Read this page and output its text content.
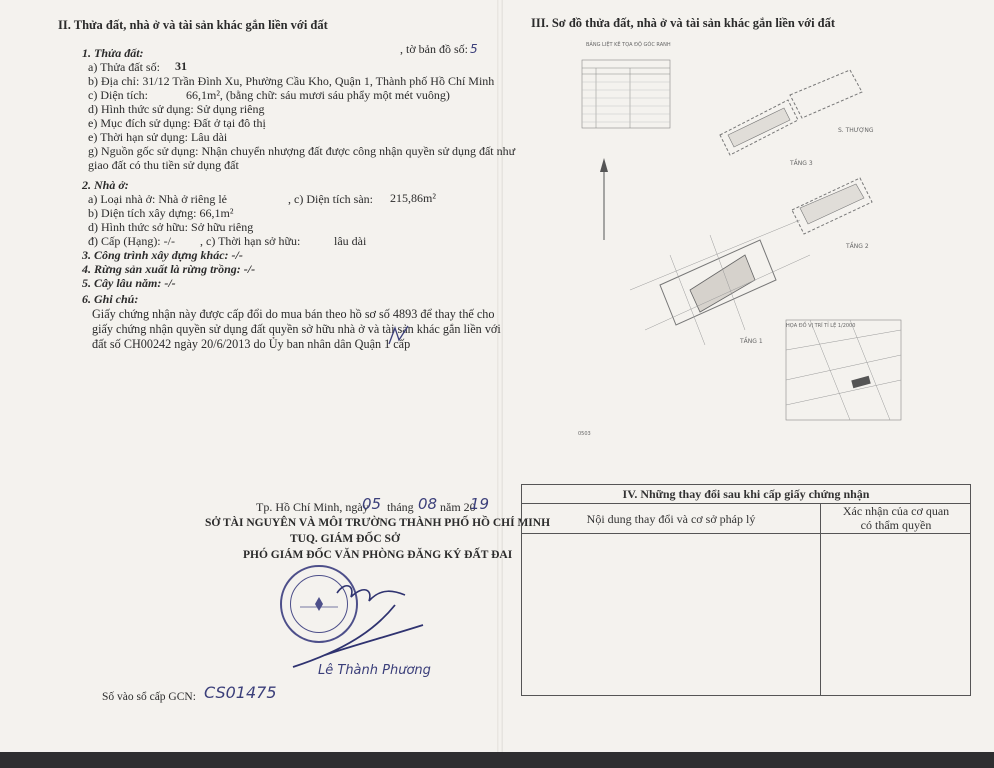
II. Thửa đất, nhà ở và tài sản khác gắn liền với đất
1. Thửa đất:	, tờ bản đồ số: 5
a) Thửa đất số: 31
b) Địa chỉ: 31/12 Trần Đình Xu, Phường Cầu Kho, Quận 1, Thành phố Hồ Chí Minh
c) Diện tích:	66,1m², (bằng chữ: sáu mươi sáu phẩy một mét vuông)
d) Hình thức sử dụng: Sử dụng riêng
e) Mục đích sử dụng: Đất ở tại đô thị
e) Thời hạn sử dụng: Lâu dài
g) Nguồn gốc sử dụng: Nhận chuyển nhượng đất được công nhận quyền sử dụng đất như
giao đất có thu tiền sử dụng đất
2. Nhà ở:
a) Loại nhà ở: Nhà ở riêng lẻ	, c) Diện tích sàn: 215,86m²
b) Diện tích xây dựng: 66,1m²
d) Hình thức sở hữu: Sở hữu riêng
đ) Cấp (Hạng): -/- , c) Thời hạn sở hữu:	lâu dài
3. Công trình xây dựng khác: -/-
4. Rừng sản xuất là rừng trồng: -/-
5. Cây lâu năm: -/-
6. Ghi chú:
Giấy chứng nhận này được cấp đổi do mua bán theo hồ sơ số 4893 để thay thế cho
giấy chứng nhận quyền sử dụng đất quyền sở hữu nhà ở và tài sản khác gắn liền với
đất số CH00242 ngày 20/6/2013 do Ủy ban nhân dân Quận 1 cấp
Tp. Hồ Chí Minh, ngày
05 tháng 08 năm 20
19
SỞ TÀI NGUYÊN VÀ MÔI TRƯỜNG THÀNH PHỐ HỒ CHÍ MINH
TUQ. GIÁM ĐỐC SỞ
PHÓ GIÁM ĐỐC VĂN PHÒNG ĐĂNG KÝ ĐẤT ĐAI
Lê Thành Phương
Số vào sổ cấp GCN: CS01475
III. Sơ đồ thửa đất, nhà ở và tài sản khác gắn liền với đất
BẢNG LIỆT KÊ TỌA ĐỘ GÓC RANH
S. THƯỢNG
TẦNG 3
TẦNG 2
TẦNG 1
HỌA ĐỒ VỊ TRÍ TỈ LỆ 1/2000
0503
IV. Những thay đổi sau khi cấp giấy chứng nhận
Nội dung thay đổi và cơ sở pháp lý
Xác nhận của cơ quan
có thẩm quyền
